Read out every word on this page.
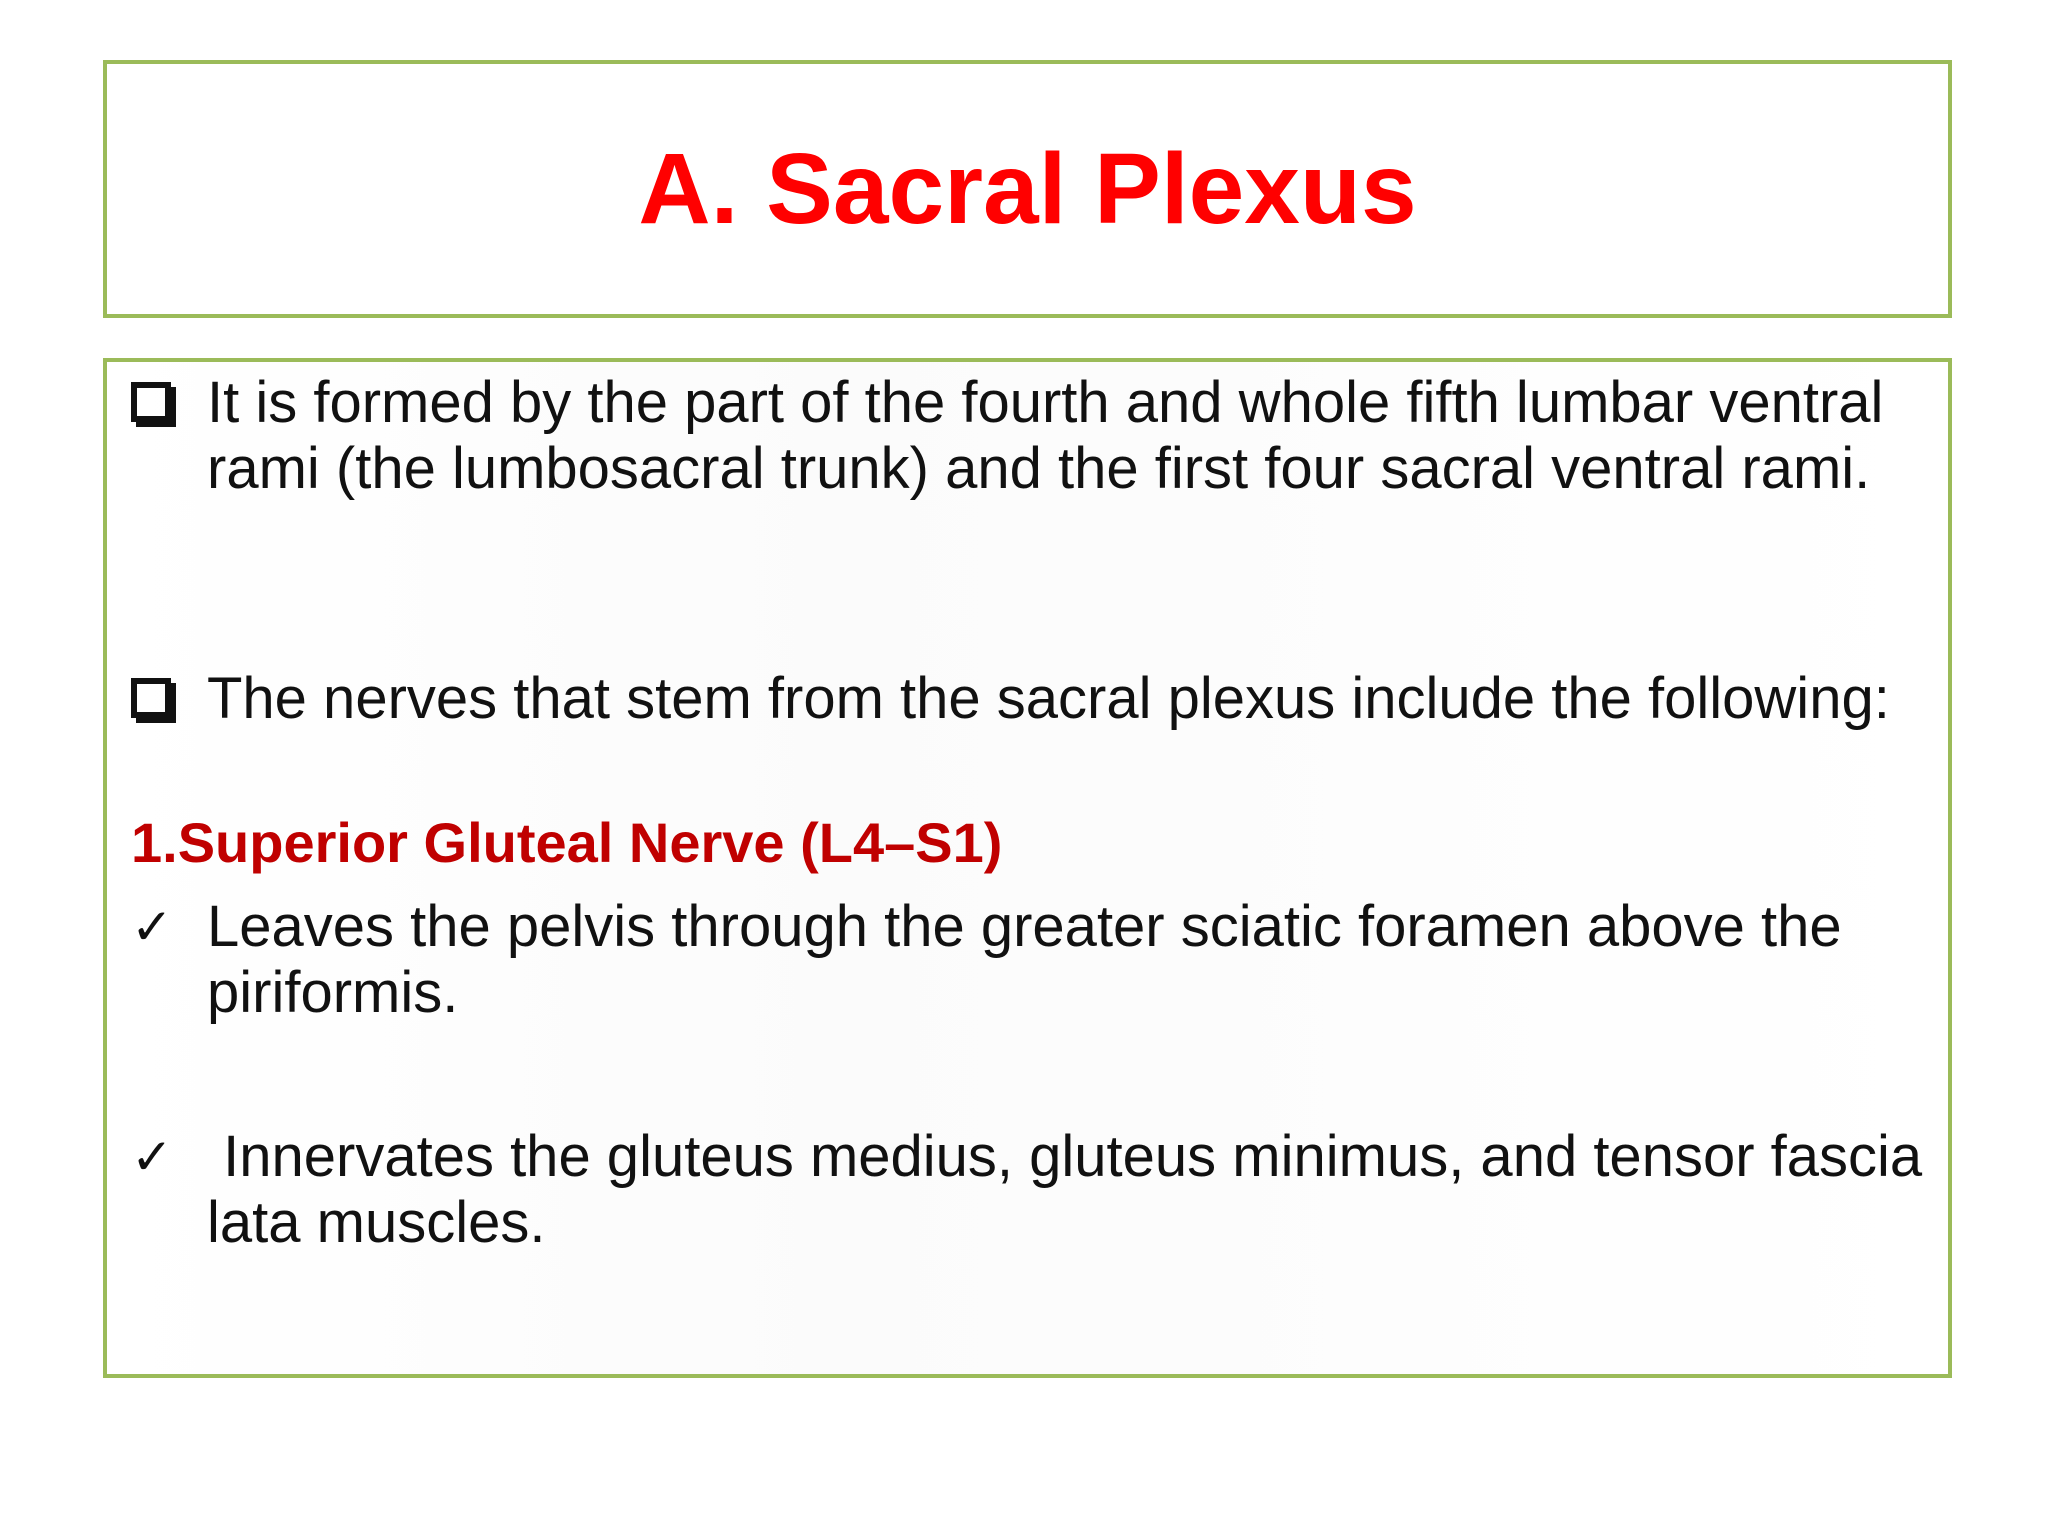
A. Sacral Plexus
It is formed by the part of the fourth and whole fifth lumbar ventral rami (the lumbosacral trunk) and the first four sacral ventral rami.
The nerves that stem from the sacral plexus include the following:
1.Superior Gluteal Nerve (L4–S1)
✓ Leaves the pelvis through the greater sciatic foramen above the piriformis.
✓ Innervates the gluteus medius, gluteus minimus, and tensor fascia lata muscles.
